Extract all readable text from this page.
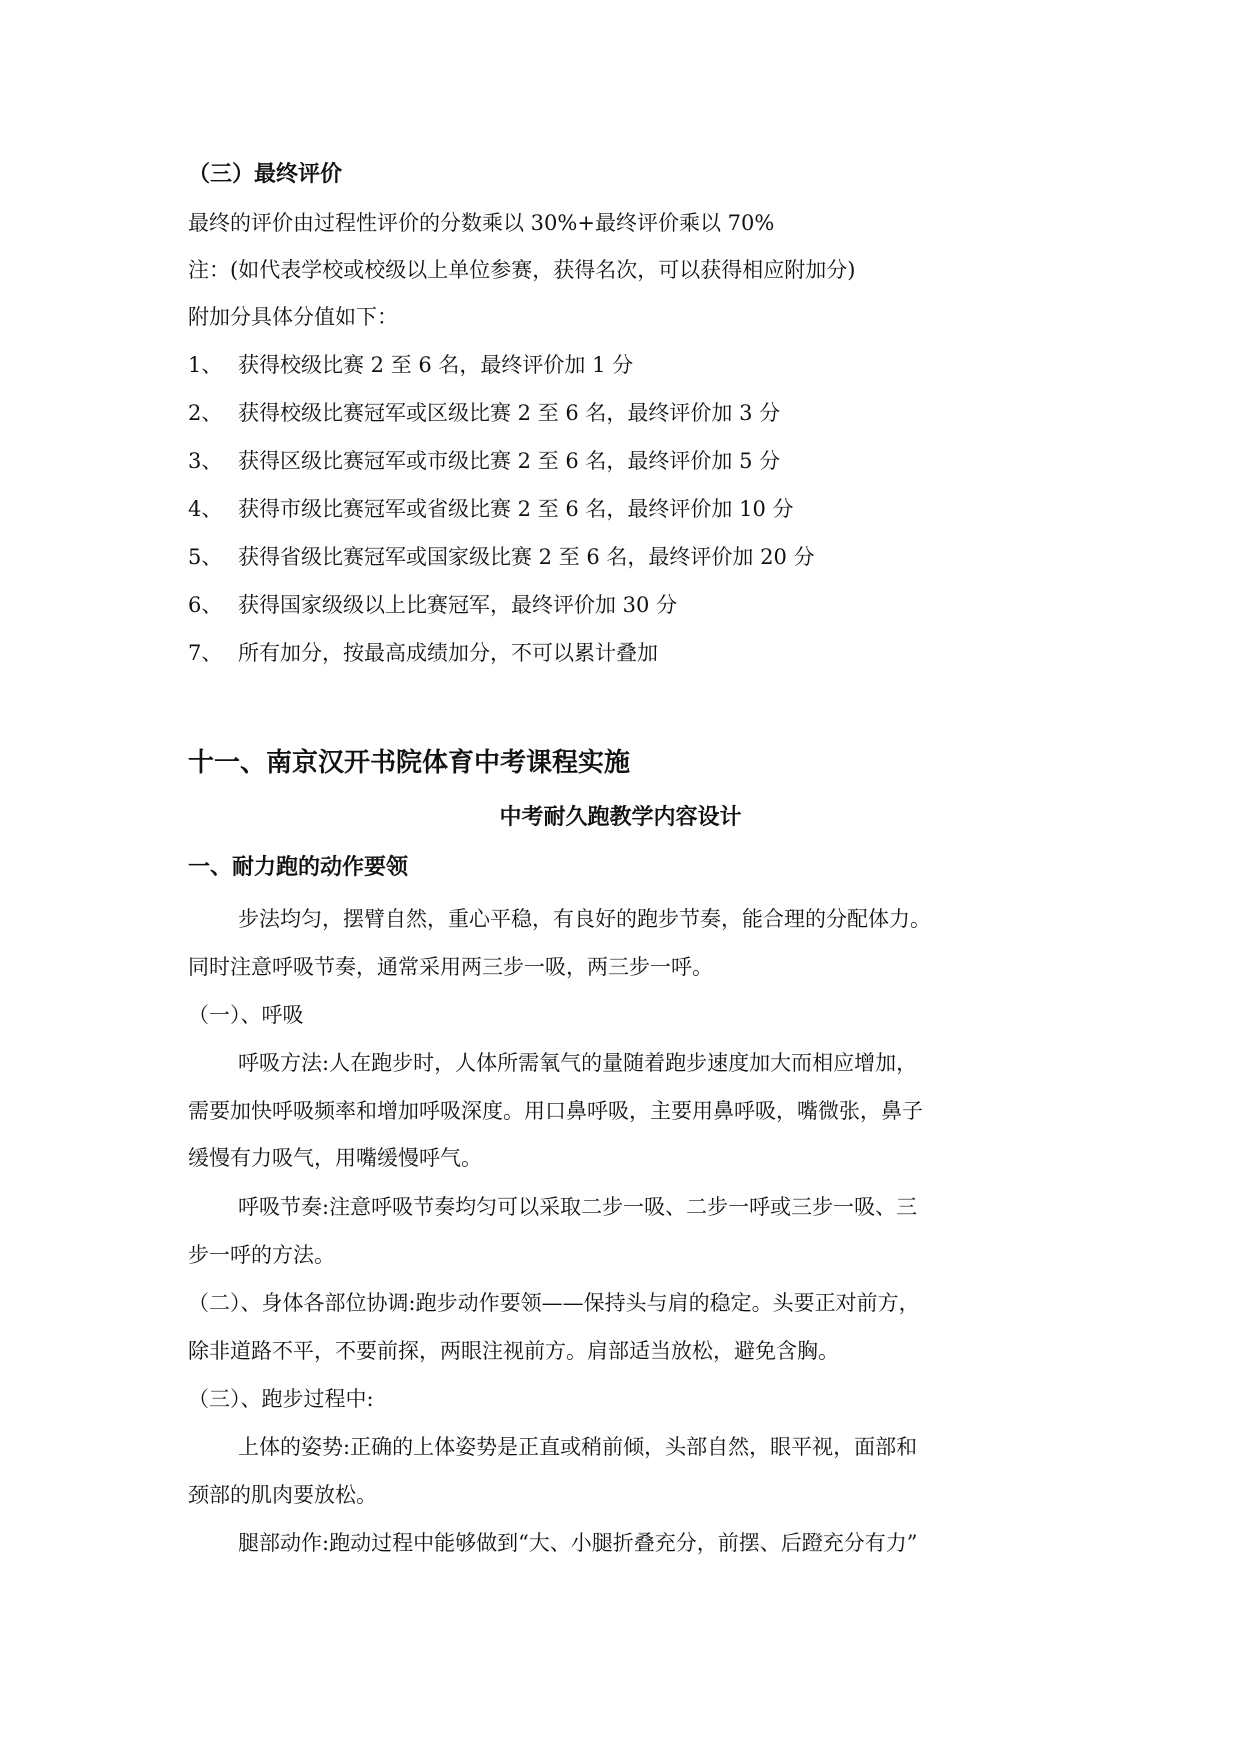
（三）最终评价
最终的评价由过程性评价的分数乘以 30%+最终评价乘以 70%
注：(如代表学校或校级以上单位参赛，获得名次，可以获得相应附加分)
附加分具体分值如下：
1、 获得校级比赛 2 至 6 名，最终评价加 1 分
2、 获得校级比赛冠军或区级比赛 2 至 6 名，最终评价加 3 分
3、 获得区级比赛冠军或市级比赛 2 至 6 名，最终评价加 5 分
4、 获得市级比赛冠军或省级比赛 2 至 6 名，最终评价加 10 分
5、 获得省级比赛冠军或国家级比赛 2 至 6 名，最终评价加 20 分
6、 获得国家级级以上比赛冠军，最终评价加 30 分
7、 所有加分，按最高成绩加分，不可以累计叠加
十一、南京汉开书院体育中考课程实施
中考耐久跑教学内容设计
一、耐力跑的动作要领
步法均匀，摆臂自然，重心平稳，有良好的跑步节奏，能合理的分配体力。
同时注意呼吸节奏，通常采用两三步一吸，两三步一呼。
（一）、呼吸
呼吸方法:人在跑步时，人体所需氧气的量随着跑步速度加大而相应增加，
需要加快呼吸频率和增加呼吸深度。用口鼻呼吸，主要用鼻呼吸，嘴微张，鼻子
缓慢有力吸气，用嘴缓慢呼气。
呼吸节奏:注意呼吸节奏均匀可以采取二步一吸、二步一呼或三步一吸、三
步一呼的方法。
（二）、身体各部位协调:跑步动作要领——保持头与肩的稳定。头要正对前方，
除非道路不平，不要前探，两眼注视前方。肩部适当放松，避免含胸。
（三）、跑步过程中:
上体的姿势:正确的上体姿势是正直或稍前倾，头部自然，眼平视，面部和
颈部的肌肉要放松。
腿部动作:跑动过程中能够做到“大、小腿折叠充分，前摆、后蹬充分有力”
